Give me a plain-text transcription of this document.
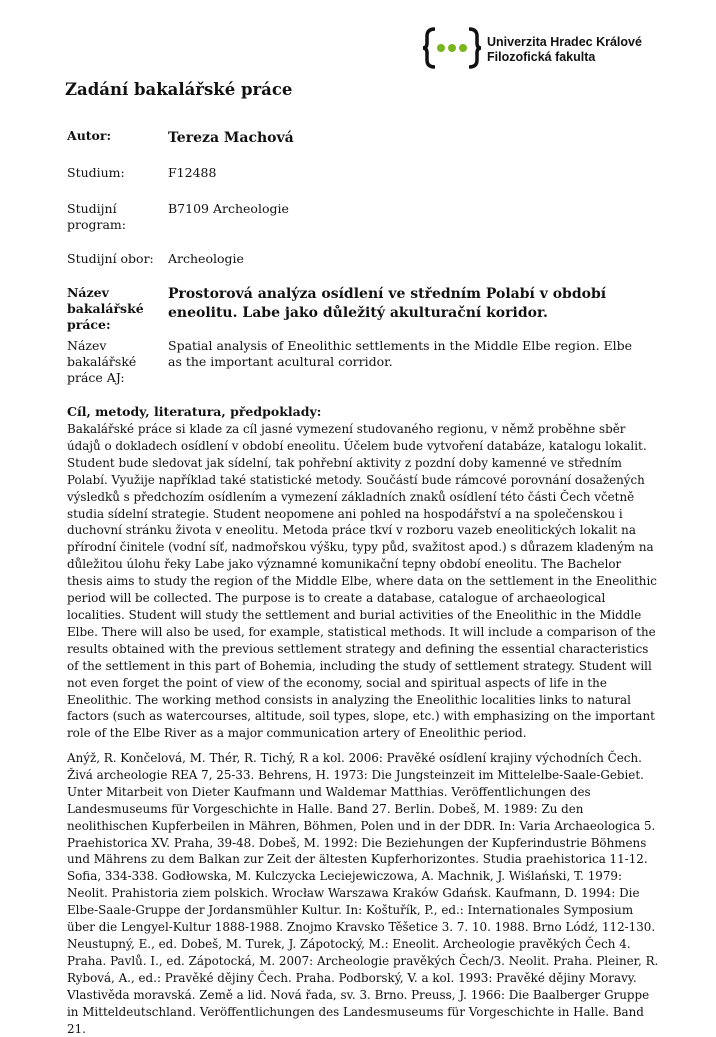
Univerzita Hradec Králové
Filozofická fakulta
Zadání bakalářské práce
Autor:	Tereza Machová
Studium:	F12488
Studijní program:
B7109 Archeologie
Studijní obor: Archeologie
Název bakalářské práce:
Prostorová analýza osídlení ve středním Polabí v období eneolitu. Labe jako důležitý akulturační koridor.
Název bakalářské práce AJ:
Spatial analysis of Eneolithic settlements in the Middle Elbe region. Elbe as the important acultural corridor.
Cíl, metody, literatura, předpoklady:

Bakalářské práce si klade za cíl jasné vymezení studovaného regionu, v němž proběhne sběr údajů o dokladech osídlení v období eneolitu. Účelem bude vytvoření databáze, katalogu lokalit. Student bude sledovat jak sídelní, tak pohřební aktivity z pozdní doby kamenné ve středním Polabí. Využije například také statistické metody. Součástí bude rámcové porovnání dosažených výsledků s předchozím osídlením a vymezení základních znaků osídlení této části Čech včetně studia sídelní strategie. Student neopomene ani pohled na hospodářství a na společenskou i duchovní stránku života v eneolitu. Metoda práce tkví v rozboru vazeb eneolitických lokalit na přírodní činitele (vodní síť, nadmořskou výšku, typy půd, svažitost apod.) s důrazem kladeným na důležitou úlohu řeky Labe jako významné komunikační tepny období eneolitu. The Bachelor thesis aims to study the region of the Middle Elbe, where data on the settlement in the Eneolithic period will be collected. The purpose is to create a database, catalogue of archaeological localities. Student will study the settlement and burial activities of the Eneolithic in the Middle Elbe. There will also be used, for example, statistical methods. It will include a comparison of the results obtained with the previous settlement strategy and defining the essential characteristics of the settlement in this part of Bohemia, including the study of settlement strategy. Student will not even forget the point of view of the economy, social and spiritual aspects of life in the Eneolithic. The working method consists in analyzing the Eneolithic localities links to natural factors (such as watercourses, altitude, soil types, slope, etc.) with emphasizing on the important role of the Elbe River as a major communication artery of Eneolithic period.

Anýž, R. Končelová, M. Thér, R. Tichý, R a kol. 2006: Pravěké osídlení krajiny východních Čech. Živá archeologie REA 7, 25-33. Behrens, H. 1973: Die Jungsteinzeit im Mittelelbe-Saale-Gebiet. Unter Mitarbeit von Dieter Kaufmann und Waldemar Matthias. Veröffentlichungen des Landesmuseums für Vorgeschichte in Halle. Band 27. Berlin. Dobeš, M. 1989: Zu den neolithischen Kupferbeilen in Mähren, Böhmen, Polen und in der DDR. In: Varia Archaeologica 5. Praehistorica XV. Praha, 39-48. Dobeš, M. 1992: Die Beziehungen der Kupferindustrie Böhmens und Mährens zu dem Balkan zur Zeit der ältesten Kupferhorizontes. Studia praehistorica 11-12. Sofia, 334-338. Godłowska, M. Kulczycka Leciejewiczowa, A. Machnik, J. Wiślański, T. 1979: Neolit. Prahistoria ziem polskich. Wrocław Warszawa Kraków Gdańsk. Kaufmann, D. 1994: Die Elbe-Saale-Gruppe der Jordansmühler Kultur. In: Koštuřík, P., ed.: Internationales Symposium über die Lengyel-Kultur 1888-1988. Znojmo Kravsko Těšetice 3. 7. 10. 1988. Brno Lódź, 112-130. Neustupný, E., ed. Dobeš, M. Turek, J. Zápotocký, M.: Eneolit. Archeologie pravěkých Čech 4. Praha. Pavlů. I., ed. Zápotocká, M. 2007: Archeologie pravěkých Čech/3. Neolit. Praha. Pleiner, R. Rybová, A., ed.: Pravěké dějiny Čech. Praha. Podborský, V. a kol. 1993: Pravěké dějiny Moravy. Vlastivěda moravská. Země a lid. Nová řada, sv. 3. Brno. Preuss, J. 1966: Die Baalberger Gruppe in Mitteldeutschland. Veröffentlichungen des Landesmuseums für Vorgeschichte in Halle. Band 21.
